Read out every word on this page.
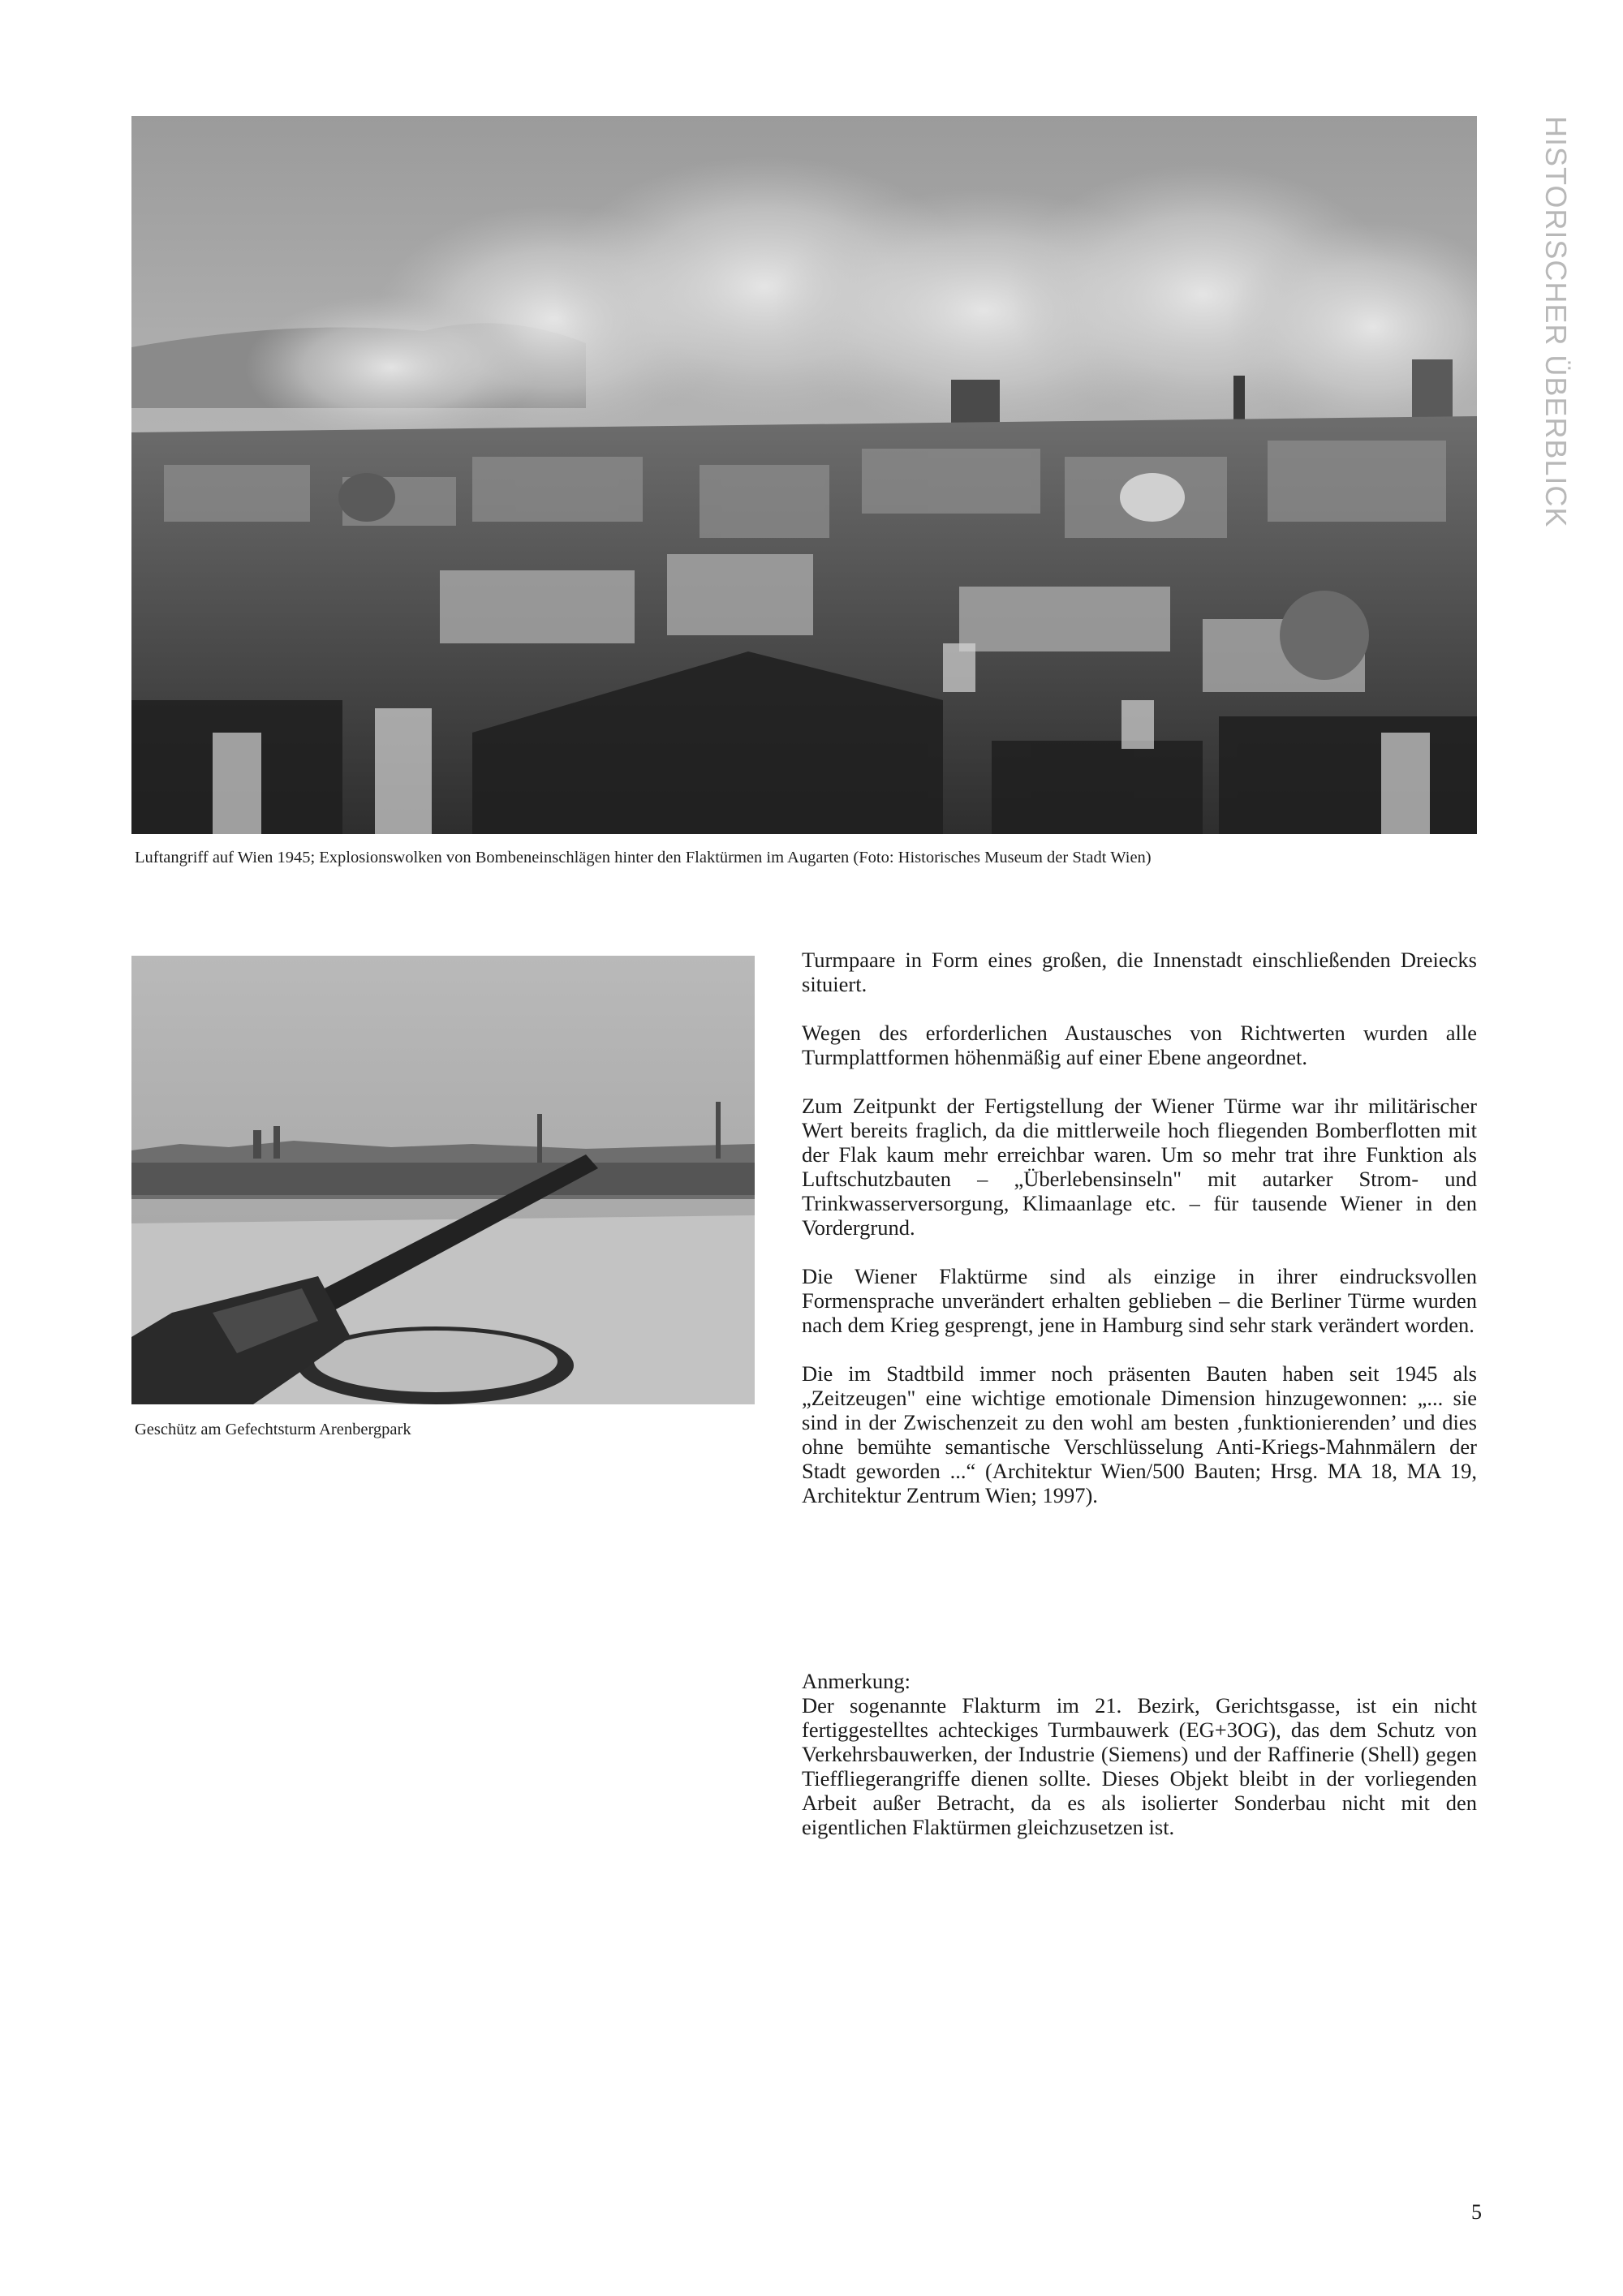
HISTORISCHER ÜBERBLICK
Luftangriff auf Wien 1945; Explosionswolken von Bombeneinschlägen hinter den Flaktürmen im Augarten (Foto: Historisches Museum der Stadt Wien)
Geschütz am Gefechtsturm Arenbergpark

Turmpaare in Form eines großen, die Innenstadt einschließenden Dreiecks situiert.

Wegen des erforderlichen Austausches von Richtwerten wurden alle Turmplattformen höhenmäßig auf einer Ebene angeordnet.

Zum Zeitpunkt der Fertigstellung der Wiener Türme war ihr militärischer Wert bereits fraglich, da die mittlerweile hoch fliegenden Bomberflotten mit der Flak kaum mehr erreichbar waren. Um so mehr trat ihre Funktion als Luftschutzbauten – „Überlebensinseln" mit autarker Strom- und Trinkwasserversorgung, Klimaanlage etc. – für tausende Wiener in den Vordergrund.

Die Wiener Flaktürme sind als einzige in ihrer eindrucksvollen Formensprache unverändert erhalten geblieben – die Berliner Türme wurden nach dem Krieg gesprengt, jene in Hamburg sind sehr stark verändert worden.

Die im Stadtbild immer noch präsenten Bauten haben seit 1945 als „Zeitzeugen" eine wichtige emotionale Dimension hinzugewonnen: „... sie sind in der Zwischenzeit zu den wohl am besten ‚funktionierenden’ und dies ohne bemühte semantische Verschlüsselung Anti-Kriegs-Mahnmälern der Stadt geworden ...“ (Architektur Wien/500 Bauten; Hrsg. MA 18, MA 19, Architektur Zentrum Wien; 1997).

Anmerkung:
Der sogenannte Flakturm im 21. Bezirk, Gerichtsgasse, ist ein nicht fertiggestelltes achteckiges Turmbauwerk (EG+3OG), das dem Schutz von Verkehrsbauwerken, der Industrie (Siemens) und der Raffinerie (Shell) gegen Tieffliegerangriffe dienen sollte. Dieses Objekt bleibt in der vorliegenden Arbeit außer Betracht, da es als isolierter Sonderbau nicht mit den eigentlichen Flaktürmen gleichzusetzen ist.
5
